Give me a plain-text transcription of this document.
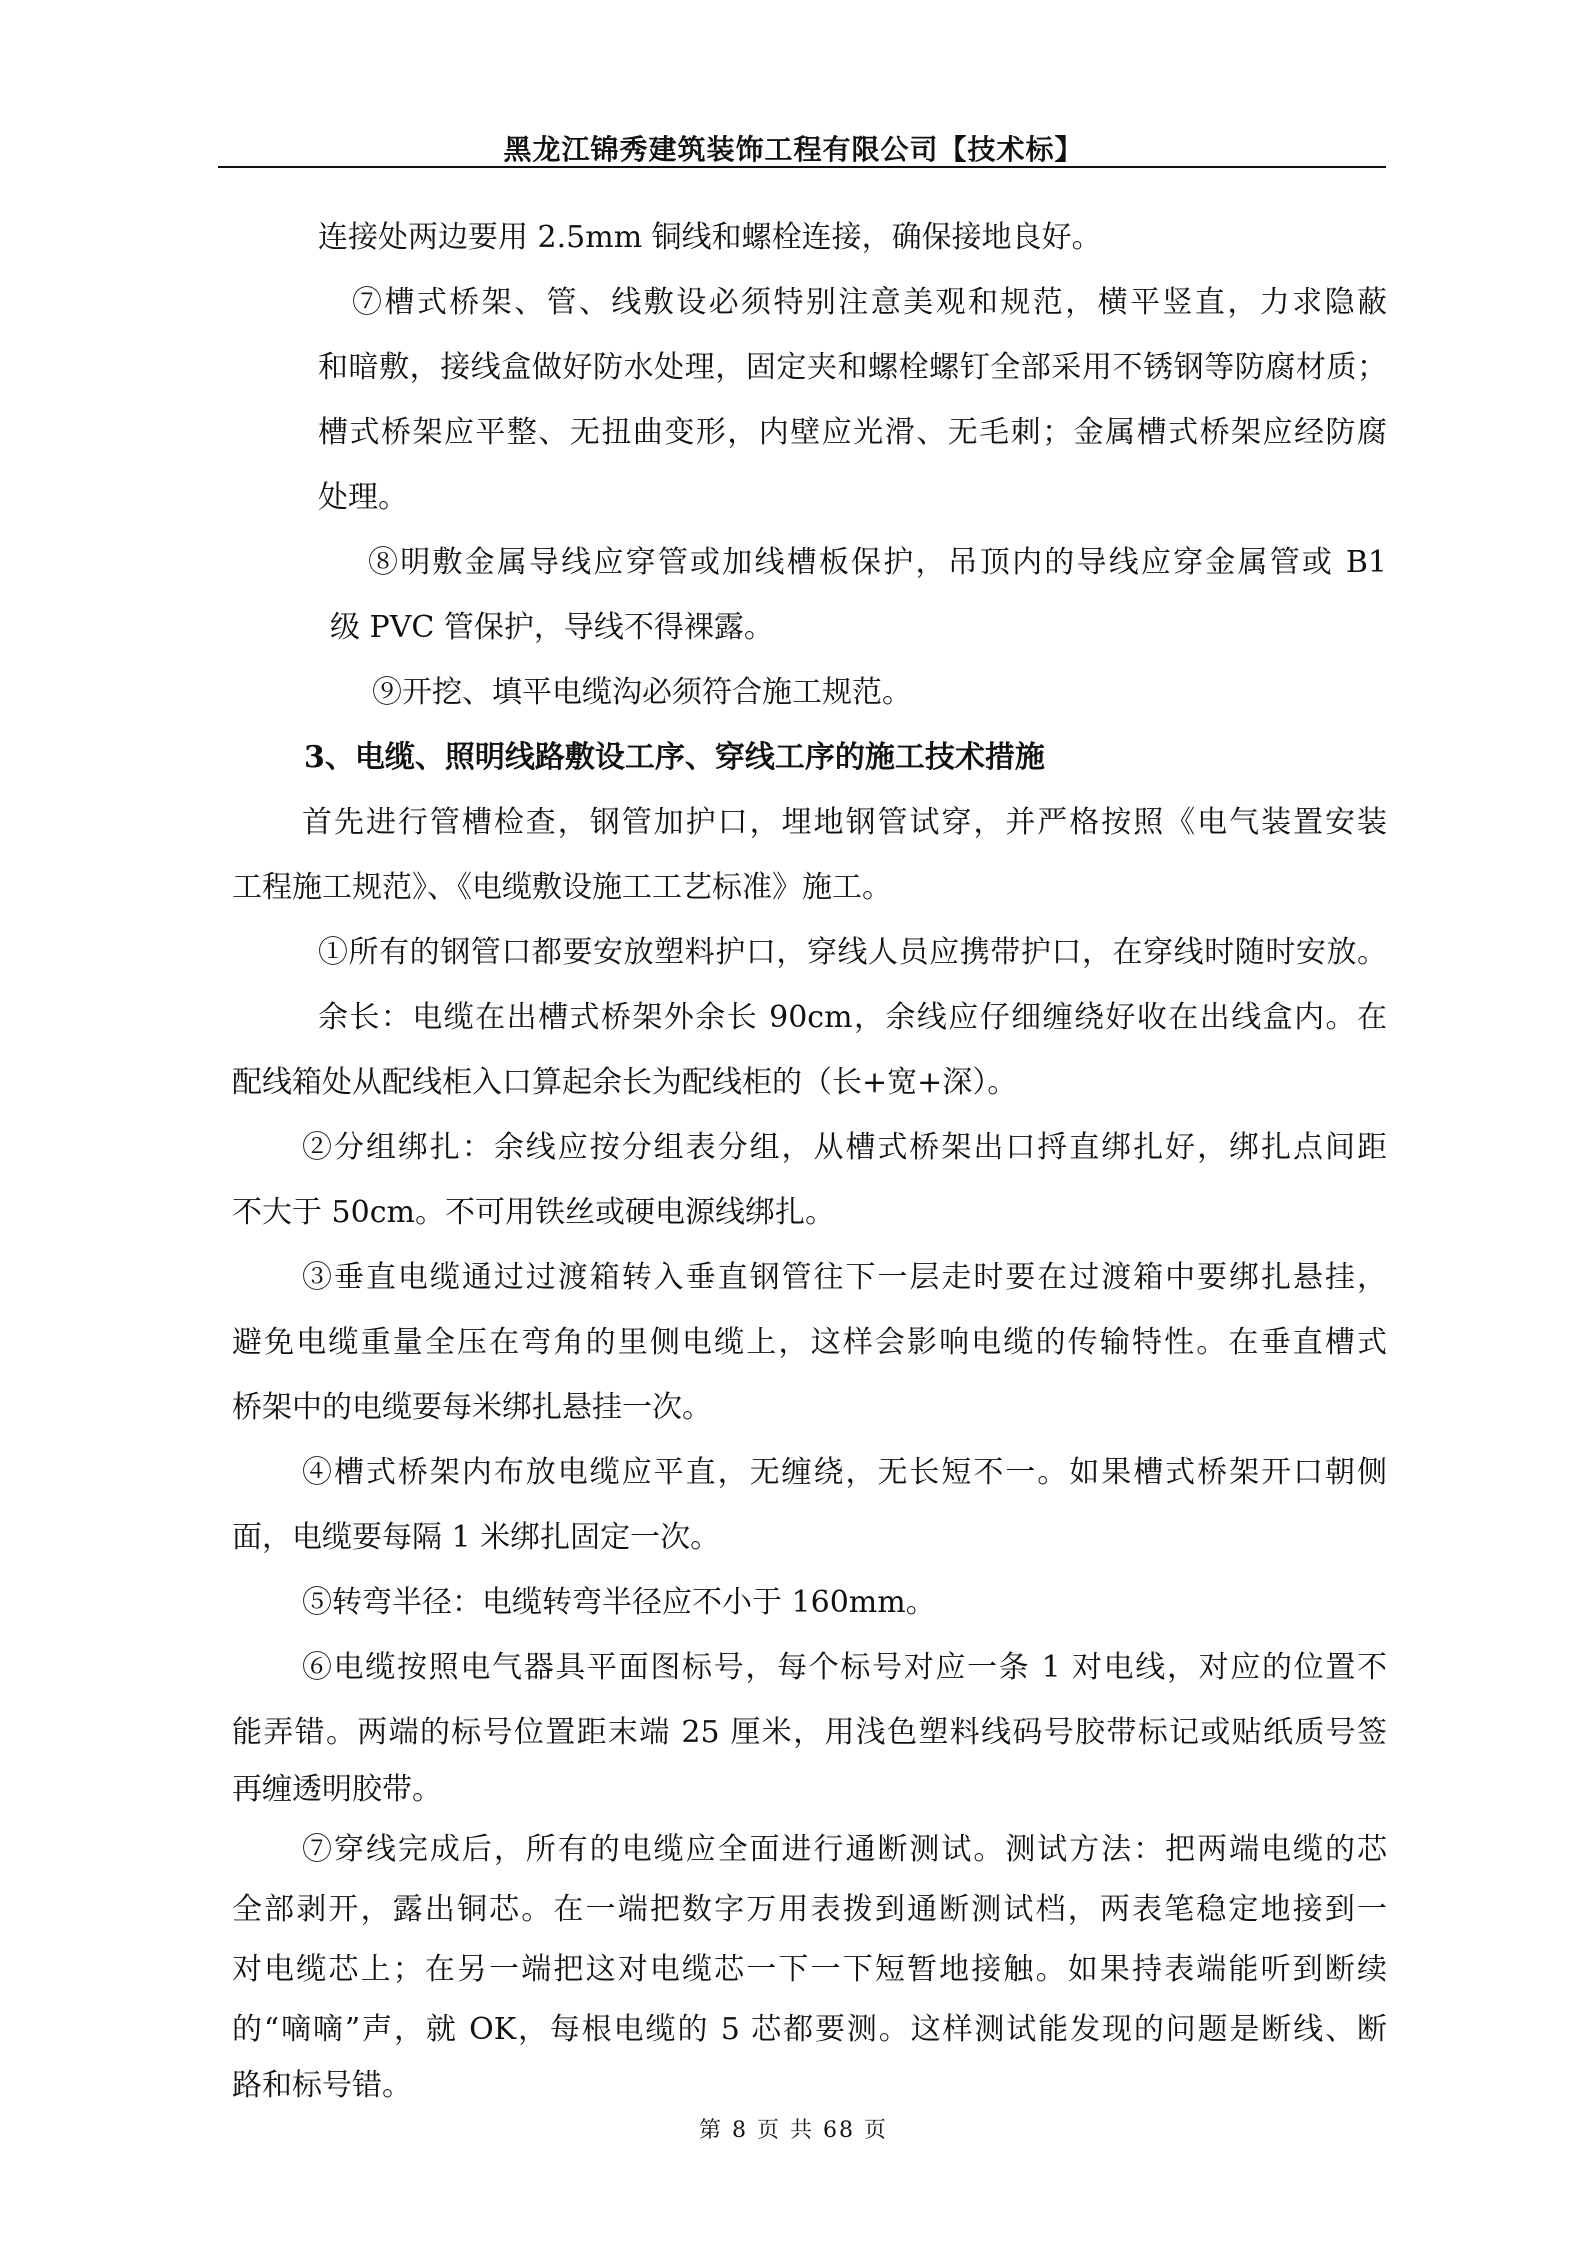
黑龙江锦秀建筑装饰工程有限公司【技术标】
连接处两边要用 2.5mm 铜线和螺栓连接，确保接地良好。
⑦槽式桥架、管、线敷设必须特别注意美观和规范，横平竖直，力求隐蔽
和暗敷，接线盒做好防水处理，固定夹和螺栓螺钉全部采用不锈钢等防腐材质；
槽式桥架应平整、无扭曲变形，内壁应光滑、无毛刺；金属槽式桥架应经防腐
处理。
⑧明敷金属导线应穿管或加线槽板保护，吊顶内的导线应穿金属管或 B1
级 PVC 管保护，导线不得裸露。
⑨开挖、填平电缆沟必须符合施工规范。
3、电缆、照明线路敷设工序、穿线工序的施工技术措施
首先进行管槽检查，钢管加护口，埋地钢管试穿，并严格按照《电气装置安装
工程施工规范》、《电缆敷设施工工艺标准》施工。
①所有的钢管口都要安放塑料护口，穿线人员应携带护口，在穿线时随时安放。
余长：电缆在出槽式桥架外余长 90cm，余线应仔细缠绕好收在出线盒内。在
配线箱处从配线柜入口算起余长为配线柜的（长+宽+深）。
②分组绑扎：余线应按分组表分组，从槽式桥架出口捋直绑扎好，绑扎点间距
不大于 50cm。不可用铁丝或硬电源线绑扎。
③垂直电缆通过过渡箱转入垂直钢管往下一层走时要在过渡箱中要绑扎悬挂，
避免电缆重量全压在弯角的里侧电缆上，这样会影响电缆的传输特性。在垂直槽式
桥架中的电缆要每米绑扎悬挂一次。
④槽式桥架内布放电缆应平直，无缠绕，无长短不一。如果槽式桥架开口朝侧
面，电缆要每隔 1 米绑扎固定一次。
⑤转弯半径：电缆转弯半径应不小于 160mm。
⑥电缆按照电气器具平面图标号，每个标号对应一条 1 对电线，对应的位置不
能弄错。两端的标号位置距末端 25 厘米，用浅色塑料线码号胶带标记或贴纸质号签
再缠透明胶带。
⑦穿线完成后，所有的电缆应全面进行通断测试。测试方法：把两端电缆的芯
全部剥开，露出铜芯。在一端把数字万用表拨到通断测试档，两表笔稳定地接到一
对电缆芯上；在另一端把这对电缆芯一下一下短暂地接触。如果持表端能听到断续
的“嘀嘀”声，就 OK，每根电缆的 5 芯都要测。这样测试能发现的问题是断线、断
路和标号错。
第 8 页 共 68 页
